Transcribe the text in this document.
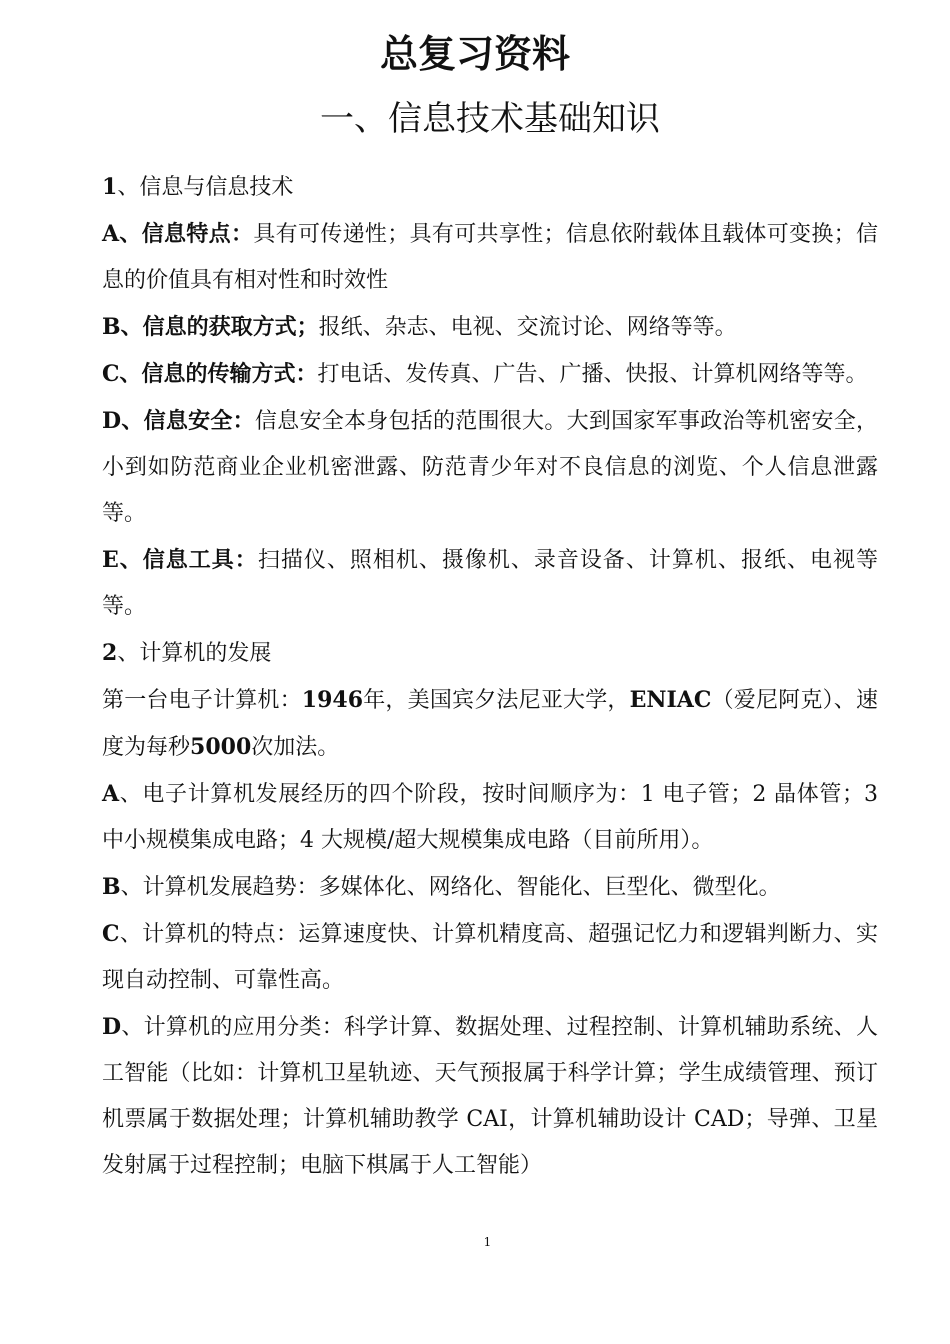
总复习资料
一、信息技术基础知识

1、信息与信息技术

A、信息特点：具有可传递性；具有可共享性；信息依附载体且载体可变换；信息的价值具有相对性和时效性

B、信息的获取方式；报纸、杂志、电视、交流讨论、网络等等。

C、信息的传输方式：打电话、发传真、广告、广播、快报、计算机网络等等。

D、信息安全：信息安全本身包括的范围很大。大到国家军事政治等机密安全，小到如防范商业企业机密泄露、防范青少年对不良信息的浏览、个人信息泄露等。

E、信息工具：扫描仪、照相机、摄像机、录音设备、计算机、报纸、电视等等。

2、计算机的发展

第一台电子计算机：1946年，美国宾夕法尼亚大学，ENIAC（爱尼阿克）、速度为每秒5000次加法。

A、电子计算机发展经历的四个阶段，按时间顺序为：1 电子管；2 晶体管；3 中小规模集成电路；4 大规模/超大规模集成电路（目前所用）。

B、计算机发展趋势：多媒体化、网络化、智能化、巨型化、微型化。

C、计算机的特点：运算速度快、计算机精度高、超强记忆力和逻辑判断力、实现自动控制、可靠性高。

D、计算机的应用分类：科学计算、数据处理、过程控制、计算机辅助系统、人工智能（比如：计算机卫星轨迹、天气预报属于科学计算；学生成绩管理、预订机票属于数据处理；计算机辅助教学 CAI，计算机辅助设计 CAD；导弹、卫星发射属于过程控制；电脑下棋属于人工智能）

1
